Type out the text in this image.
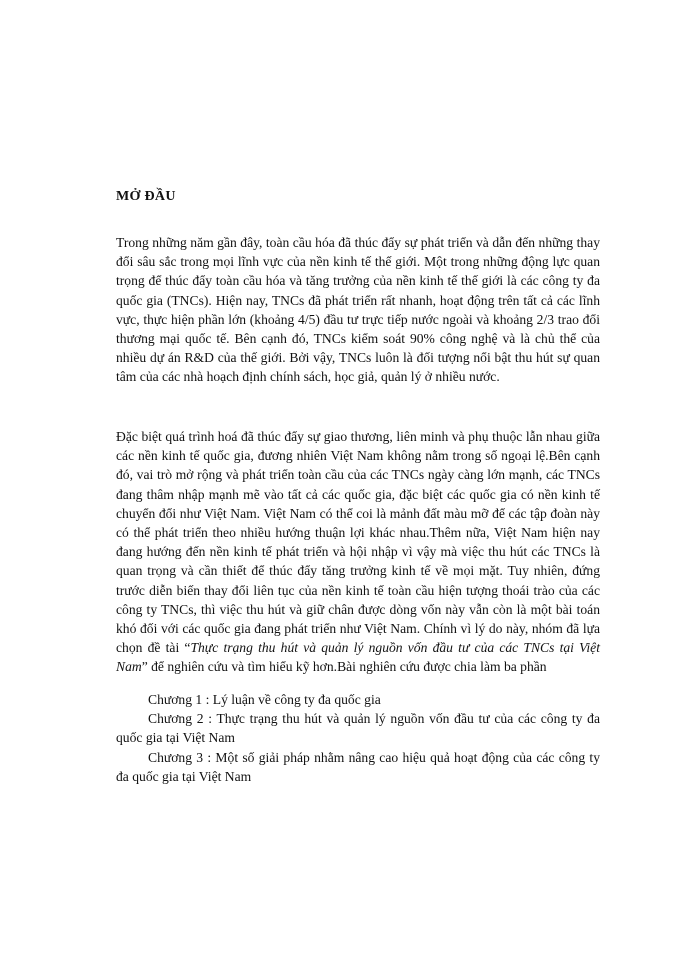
MỞ ĐẦU

Trong những năm gần đây, toàn cầu hóa đã thúc đẩy sự phát triển và dẫn đến những thay đổi sâu sắc trong mọi lĩnh vực của nền kinh tế thế giới. Một trong những động lực quan trọng để thúc đẩy toàn cầu hóa và tăng trưởng của nền kinh tế thế giới là các công ty đa quốc gia (TNCs). Hiện nay, TNCs đã phát triển rất nhanh, hoạt động trên tất cả các lĩnh vực, thực hiện phần lớn (khoảng 4/5) đầu tư trực tiếp nước ngoài và khoảng 2/3 trao đổi thương mại quốc tế. Bên cạnh đó, TNCs kiểm soát 90% công nghệ và là chủ thể của nhiều dự án R&D của thế giới. Bởi vậy, TNCs luôn là đối tượng nổi bật thu hút sự quan tâm của các nhà hoạch định chính sách, học giả, quản lý ở nhiều nước.

Đặc biệt quá trình hoá đã thúc đẩy sự giao thương, liên minh và phụ thuộc lẫn nhau giữa các nền kinh tế quốc gia, đương nhiên Việt Nam không nằm trong số ngoại lệ.Bên cạnh đó, vai trò mở rộng và phát triển toàn cầu của các TNCs ngày càng lớn mạnh, các TNCs đang thâm nhập mạnh mẽ vào tất cả các quốc gia, đặc biệt các quốc gia có nền kinh tế chuyển đổi như Việt Nam. Việt Nam có thể coi là mảnh đất màu mỡ để các tập đoàn này có thể phát triển theo nhiều hướng thuận lợi khác nhau.Thêm nữa, Việt Nam hiện nay đang hướng đến nền kinh tế phát triển và hội nhập vì vậy mà việc thu hút các TNCs là quan trọng và cần thiết để thúc đẩy tăng trưởng kinh tế về mọi mặt. Tuy nhiên, đứng trước diễn biến thay đổi liên tục của nền kinh tế toàn cầu hiện tượng thoái trào của các công ty TNCs, thì việc thu hút và giữ chân được dòng vốn này vẫn còn là một bài toán khó đối với các quốc gia đang phát triển như Việt Nam. Chính vì lý do này, nhóm đã lựa chọn đề tài “Thực trạng thu hút và quản lý nguồn vốn đầu tư của các TNCs tại Việt Nam” để nghiên cứu và tìm hiểu kỹ hơn.Bài nghiên cứu được chia làm ba phần

Chương 1 : Lý luận về công ty đa quốc gia

Chương 2 : Thực trạng thu hút và quản lý nguồn vốn đầu tư của các công ty đa quốc gia tại Việt Nam

Chương 3 : Một số giải pháp nhằm nâng cao hiệu quả hoạt động của các công ty đa quốc gia tại Việt Nam
